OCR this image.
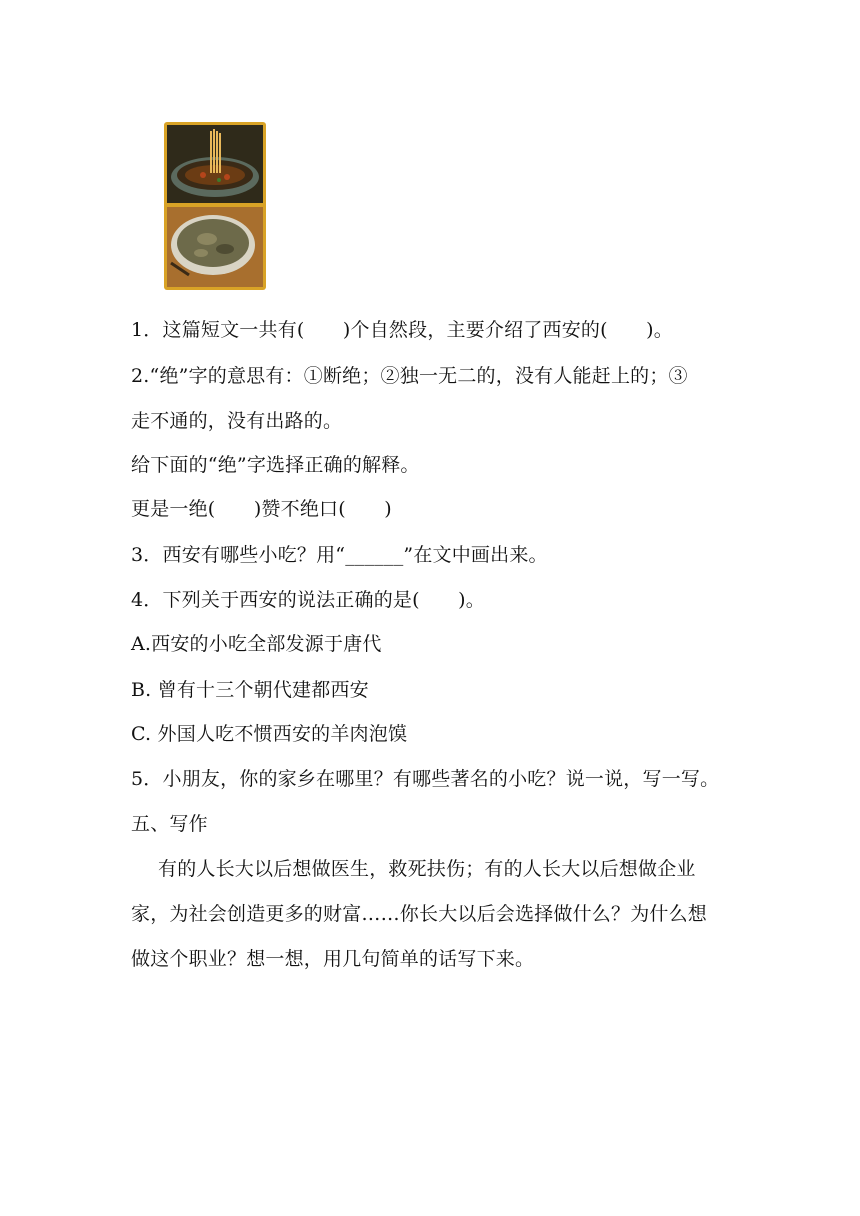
1．这篇短文一共有(　　)个自然段，主要介绍了西安的(　　)。
2.“绝”字的意思有：①断绝；②独一无二的，没有人能赶上的；③
走不通的，没有出路的。
给下面的“绝”字选择正确的解释。
更是一绝(　　)赞不绝口(　　)
3．西安有哪些小吃？用“______”在文中画出来。
4．下列关于西安的说法正确的是(　　)。
A.西安的小吃全部发源于唐代
B. 曾有十三个朝代建都西安
C. 外国人吃不惯西安的羊肉泡馍
5．小朋友，你的家乡在哪里？有哪些著名的小吃？说一说，写一写。
五、写作
有的人长大以后想做医生，救死扶伤；有的人长大以后想做企业
家，为社会创造更多的财富……你长大以后会选择做什么？为什么想
做这个职业？想一想，用几句简单的话写下来。
